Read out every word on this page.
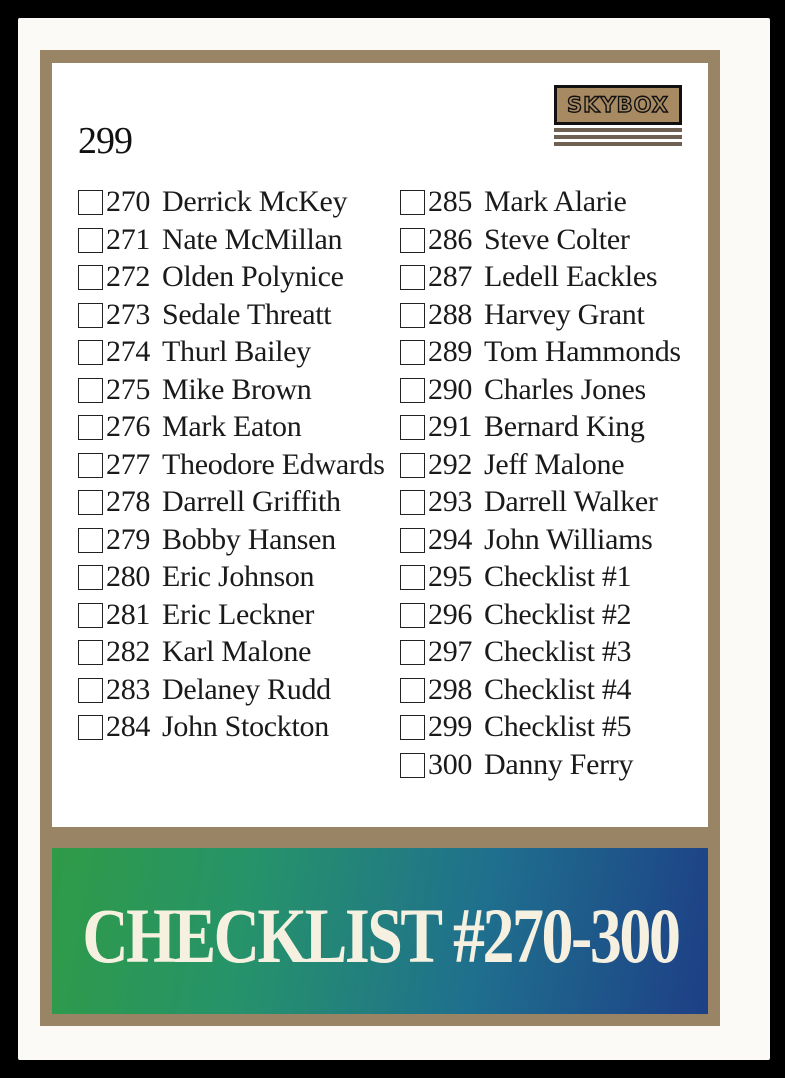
299
SKYBOX
270 Derrick McKey
271 Nate McMillan
272 Olden Polynice
273 Sedale Threatt
274 Thurl Bailey
275 Mike Brown
276 Mark Eaton
277 Theodore Edwards
278 Darrell Griffith
279 Bobby Hansen
280 Eric Johnson
281 Eric Leckner
282 Karl Malone
283 Delaney Rudd
284 John Stockton
285 Mark Alarie
286 Steve Colter
287 Ledell Eackles
288 Harvey Grant
289 Tom Hammonds
290 Charles Jones
291 Bernard King
292 Jeff Malone
293 Darrell Walker
294 John Williams
295 Checklist #1
296 Checklist #2
297 Checklist #3
298 Checklist #4
299 Checklist #5
300 Danny Ferry
CHECKLIST #270-300
